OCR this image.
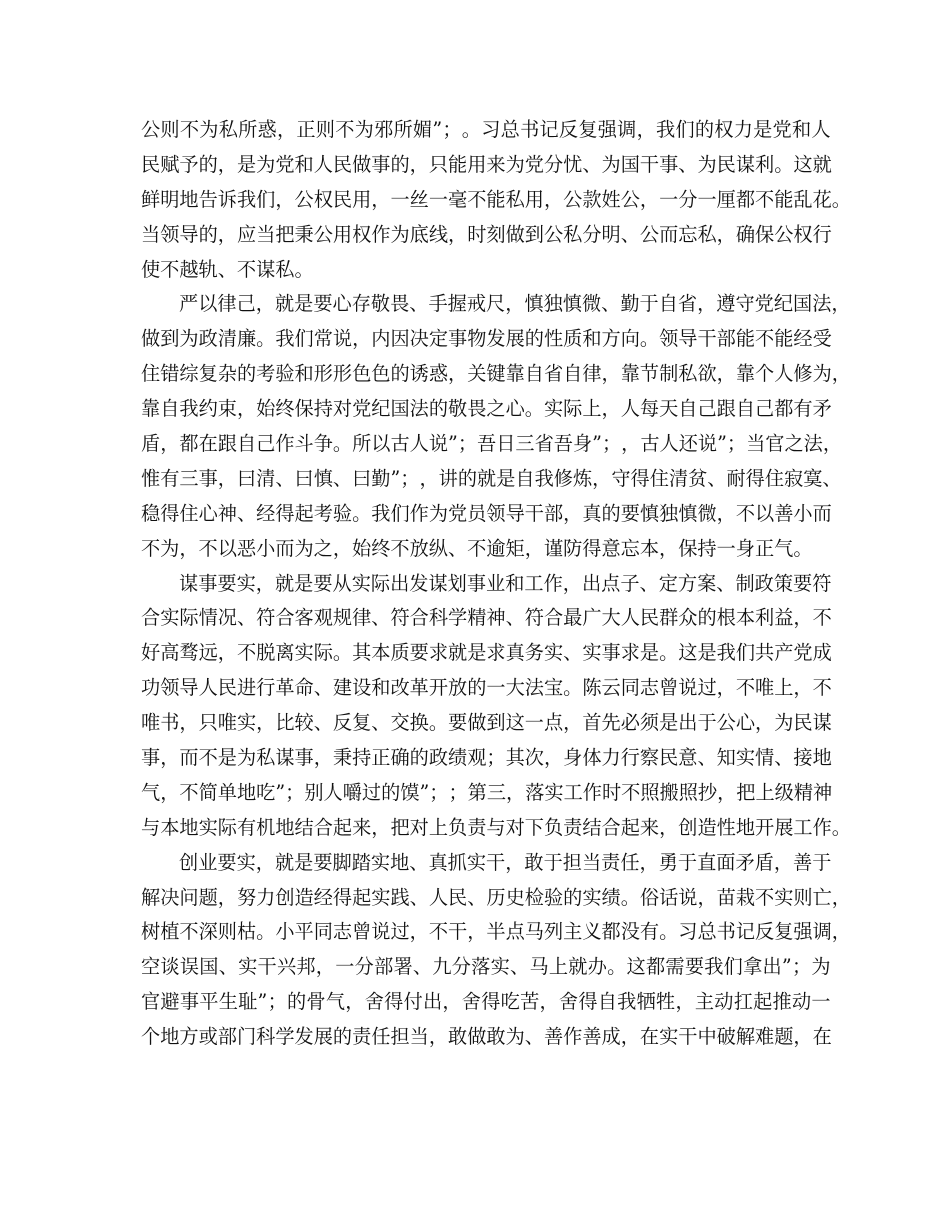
公 则 不 为 私 所 惑 ， 正 则 不 为 邪 所 媚 ” ； 。 习 总 书 记 反 复 强 调 ， 我 们 的 权 力 是 党 和 人
民 赋 予 的 ， 是 为 党 和 人 民 做 事 的 ， 只 能 用 来 为 党 分 忧 、 为 国 干 事 、 为 民 谋 利 。 这 就
鲜 明 地 告 诉 我 们 ， 公 权 民 用 ， 一 丝 一 毫 不 能 私 用 ， 公 款 姓 公 ， 一 分 一 厘 都 不 能 乱 花 。
当 领 导 的 ， 应 当 把 秉 公 用 权 作 为 底 线 ， 时 刻 做 到 公 私 分 明 、 公 而 忘 私 ， 确 保 公 权 行
使不越轨、不谋私。
严 以 律 己 ， 就 是 要 心 存 敬 畏 、 手 握 戒 尺 ， 慎 独 慎 微 、 勤 于 自 省 ， 遵 守 党 纪 国 法 ，
做 到 为 政 清 廉 。 我 们 常 说 ， 内 因 决 定 事 物 发 展 的 性 质 和 方 向 。 领 导 干 部 能 不 能 经 受
住 错 综 复 杂 的 考 验 和 形 形 色 色 的 诱 惑 ， 关 键 靠 自 省 自 律 ， 靠 节 制 私 欲 ， 靠 个 人 修 为 ，
靠 自 我 约 束 ， 始 终 保 持 对 党 纪 国 法 的 敬 畏 之 心 。 实 际 上 ， 人 每 天 自 己 跟 自 己 都 有 矛
盾 ， 都 在 跟 自 己 作 斗 争 。 所 以 古 人 说 ” ； 吾 日 三 省 吾 身 ” ； ， 古 人 还 说 ” ； 当 官 之 法 ，
惟 有 三 事 ， 曰 清 、 曰 慎 、 曰 勤 ” ； ， 讲 的 就 是 自 我 修 炼 ， 守 得 住 清 贫 、 耐 得 住 寂 寞 、
稳 得 住 心 神 、 经 得 起 考 验 。 我 们 作 为 党 员 领 导 干 部 ， 真 的 要 慎 独 慎 微 ， 不 以 善 小 而
不为，不以恶小而为之，始终不放纵、不逾矩，谨防得意忘本，保持一身正气。
谋 事 要 实 ， 就 是 要 从 实 际 出 发 谋 划 事 业 和 工 作 ， 出 点 子 、 定 方 案 、 制 政 策 要 符
合 实 际 情 况 、 符 合 客 观 规 律 、 符 合 科 学 精 神 、 符 合 最 广 大 人 民 群 众 的 根 本 利 益 ， 不
好 高 骛 远 ， 不 脱 离 实 际 。 其 本 质 要 求 就 是 求 真 务 实 、 实 事 求 是 。 这 是 我 们 共 产 党 成
功 领 导 人 民 进 行 革 命 、 建 设 和 改 革 开 放 的 一 大 法 宝 。 陈 云 同 志 曾 说 过 ， 不 唯 上 ， 不
唯 书 ， 只 唯 实 ， 比 较 、 反 复 、 交 换 。 要 做 到 这 一 点 ， 首 先 必 须 是 出 于 公 心 ， 为 民 谋
事 ， 而 不 是 为 私 谋 事 ， 秉 持 正 确 的 政 绩 观 ； 其 次 ， 身 体 力 行 察 民 意 、 知 实 情 、 接 地
气 ， 不 简 单 地 吃 ” ； 别 人 嚼 过 的 馍 ” ； ； 第 三 ， 落 实 工 作 时 不 照 搬 照 抄 ， 把 上 级 精 神
与 本 地 实 际 有 机 地 结 合 起 来 ， 把 对 上 负 责 与 对 下 负 责 结 合 起 来 ， 创 造 性 地 开 展 工 作 。
创 业 要 实 ， 就 是 要 脚 踏 实 地 、 真 抓 实 干 ， 敢 于 担 当 责 任 ， 勇 于 直 面 矛 盾 ， 善 于
解 决 问 题 ， 努 力 创 造 经 得 起 实 践 、 人 民 、 历 史 检 验 的 实 绩 。 俗 话 说 ， 苗 栽 不 实 则 亡 ，
树 植 不 深 则 枯 。 小 平 同 志 曾 说 过 ， 不 干 ， 半 点 马 列 主 义 都 没 有 。 习 总 书 记 反 复 强 调 ，
空 谈 误 国 、 实 干 兴 邦 ， 一 分 部 署 、 九 分 落 实 、 马 上 就 办 。 这 都 需 要 我 们 拿 出 ” ； 为
官 避 事 平 生 耻 ” ； 的 骨 气 ， 舍 得 付 出 ， 舍 得 吃 苦 ， 舍 得 自 我 牺 牲 ， 主 动 扛 起 推 动 一
个 地 方 或 部 门 科 学 发 展 的 责 任 担 当 ， 敢 做 敢 为 、 善 作 善 成 ， 在 实 干 中 破 解 难 题 ， 在
